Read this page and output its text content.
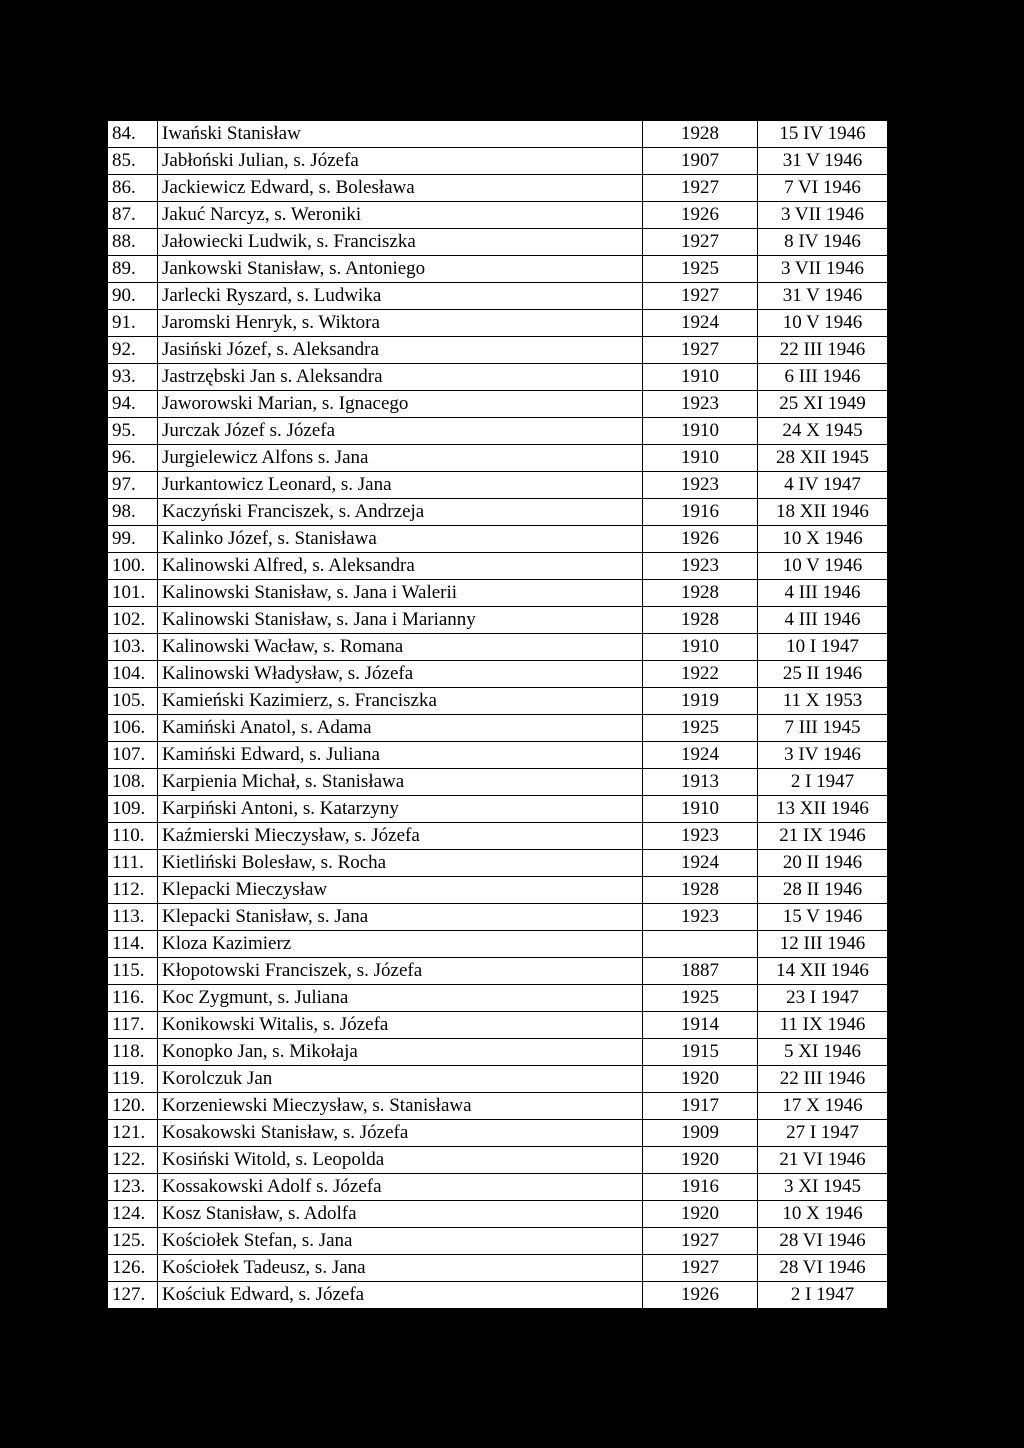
84.	Iwański Stanisław	1928	15 IV 1946
85.	Jabłoński Julian, s. Józefa	1907	31 V 1946
86.	Jackiewicz Edward, s. Bolesława	1927	7 VI 1946
87.	Jakuć Narcyz, s. Weroniki	1926	3 VII 1946
88.	Jałowiecki Ludwik, s. Franciszka	1927	8 IV 1946
89.	Jankowski Stanisław, s. Antoniego	1925	3 VII 1946
90.	Jarlecki Ryszard, s. Ludwika	1927	31 V 1946
91.	Jaromski Henryk, s. Wiktora	1924	10 V 1946
92.	Jasiński Józef, s. Aleksandra	1927	22 III 1946
93.	Jastrzębski Jan s. Aleksandra	1910	6 III 1946
94.	Jaworowski Marian, s. Ignacego	1923	25 XI 1949
95.	Jurczak Józef s. Józefa	1910	24 X 1945
96.	Jurgielewicz Alfons s. Jana	1910	28 XII 1945
97.	Jurkantowicz Leonard, s. Jana	1923	4 IV 1947
98.	Kaczyński Franciszek, s. Andrzeja	1916	18 XII 1946
99.	Kalinko Józef, s. Stanisława	1926	10 X 1946
100.	Kalinowski Alfred, s. Aleksandra	1923	10 V 1946
101.	Kalinowski Stanisław, s. Jana i Walerii	1928	4 III 1946
102.	Kalinowski Stanisław, s. Jana i Marianny	1928	4 III 1946
103.	Kalinowski Wacław, s. Romana	1910	10 I 1947
104.	Kalinowski Władysław, s. Józefa	1922	25 II 1946
105.	Kamieński Kazimierz, s. Franciszka	1919	11 X 1953
106.	Kamiński Anatol, s. Adama	1925	7 III 1945
107.	Kamiński Edward, s. Juliana	1924	3 IV 1946
108.	Karpienia Michał, s. Stanisława	1913	2 I 1947
109.	Karpiński Antoni, s. Katarzyny	1910	13 XII 1946
110.	Kaźmierski Mieczysław, s. Józefa	1923	21 IX 1946
111.	Kietliński Bolesław, s. Rocha	1924	20 II 1946
112.	Klepacki Mieczysław	1928	28 II 1946
113.	Klepacki Stanisław, s. Jana	1923	15 V 1946
114.	Kloza Kazimierz		12 III 1946
115.	Kłopotowski Franciszek, s. Józefa	1887	14 XII 1946
116.	Koc Zygmunt, s. Juliana	1925	23 I 1947
117.	Konikowski Witalis, s. Józefa	1914	11 IX 1946
118.	Konopko Jan, s. Mikołaja	1915	5 XI 1946
119.	Korolczuk Jan	1920	22 III 1946
120.	Korzeniewski Mieczysław, s. Stanisława	1917	17 X 1946
121.	Kosakowski Stanisław, s. Józefa	1909	27 I 1947
122.	Kosiński Witold, s. Leopolda	1920	21 VI 1946
123.	Kossakowski Adolf s. Józefa	1916	3 XI 1945
124.	Kosz Stanisław, s. Adolfa	1920	10 X 1946
125.	Kościołek Stefan, s. Jana	1927	28 VI 1946
126.	Kościołek Tadeusz, s. Jana	1927	28 VI 1946
127.	Kościuk Edward, s. Józefa	1926	2 I 1947
